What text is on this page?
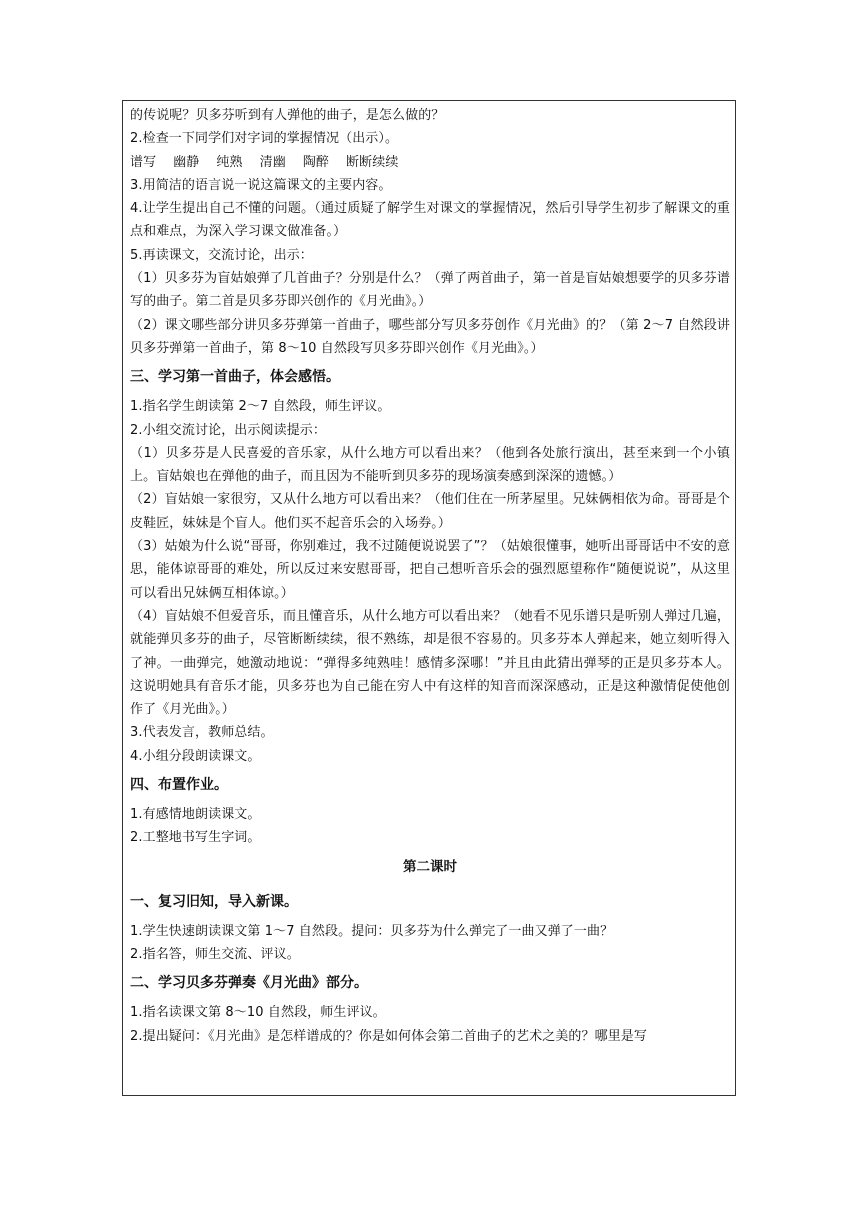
的传说呢？贝多芬听到有人弹他的曲子，是怎么做的？

2.检查一下同学们对字词的掌握情况（出示）。

谱写 幽静 纯熟 清幽 陶醉 断断续续

3.用简洁的语言说一说这篇课文的主要内容。

4.让学生提出自己不懂的问题。（通过质疑了解学生对课文的掌握情况，然后引导学生初步了解课文的重点和难点，为深入学习课文做准备。）

5.再读课文，交流讨论，出示：

（1）贝多芬为盲姑娘弹了几首曲子？分别是什么？（弹了两首曲子，第一首是盲姑娘想要学的贝多芬谱写的曲子。第二首是贝多芬即兴创作的《月光曲》。）

（2）课文哪些部分讲贝多芬弹第一首曲子，哪些部分写贝多芬创作《月光曲》的？（第 2～7 自然段讲贝多芬弹第一首曲子，第 8～10 自然段写贝多芬即兴创作《月光曲》。）

三、学习第一首曲子，体会感悟。

1.指名学生朗读第 2～7 自然段，师生评议。

2.小组交流讨论，出示阅读提示：

（1）贝多芬是人民喜爱的音乐家，从什么地方可以看出来？（他到各处旅行演出，甚至来到一个小镇上。盲姑娘也在弹他的曲子，而且因为不能听到贝多芬的现场演奏感到深深的遗憾。）

（2）盲姑娘一家很穷，又从什么地方可以看出来？（他们住在一所茅屋里。兄妹俩相依为命。哥哥是个皮鞋匠，妹妹是个盲人。他们买不起音乐会的入场券。）

（3）姑娘为什么说“哥哥，你别难过，我不过随便说说罢了”？（姑娘很懂事，她听出哥哥话中不安的意思，能体谅哥哥的难处，所以反过来安慰哥哥，把自己想听音乐会的强烈愿望称作“随便说说”，从这里可以看出兄妹俩互相体谅。）

（4）盲姑娘不但爱音乐，而且懂音乐，从什么地方可以看出来？（她看不见乐谱只是听别人弹过几遍，就能弹贝多芬的曲子，尽管断断续续，很不熟练，却是很不容易的。贝多芬本人弹起来，她立刻听得入了神。一曲弹完，她激动地说：“弹得多纯熟哇！感情多深哪！”并且由此猜出弹琴的正是贝多芬本人。这说明她具有音乐才能，贝多芬也为自己能在穷人中有这样的知音而深深感动，正是这种激情促使他创作了《月光曲》。）

3.代表发言，教师总结。

4.小组分段朗读课文。

四、布置作业。

1.有感情地朗读课文。

2.工整地书写生字词。

第二课时

一、复习旧知，导入新课。

1.学生快速朗读课文第 1～7 自然段。提问：贝多芬为什么弹完了一曲又弹了一曲？

2.指名答，师生交流、评议。

二、学习贝多芬弹奏《月光曲》部分。

1.指名读课文第 8～10 自然段，师生评议。

2.提出疑问：《月光曲》是怎样谱成的？你是如何体会第二首曲子的艺术之美的？哪里是写
